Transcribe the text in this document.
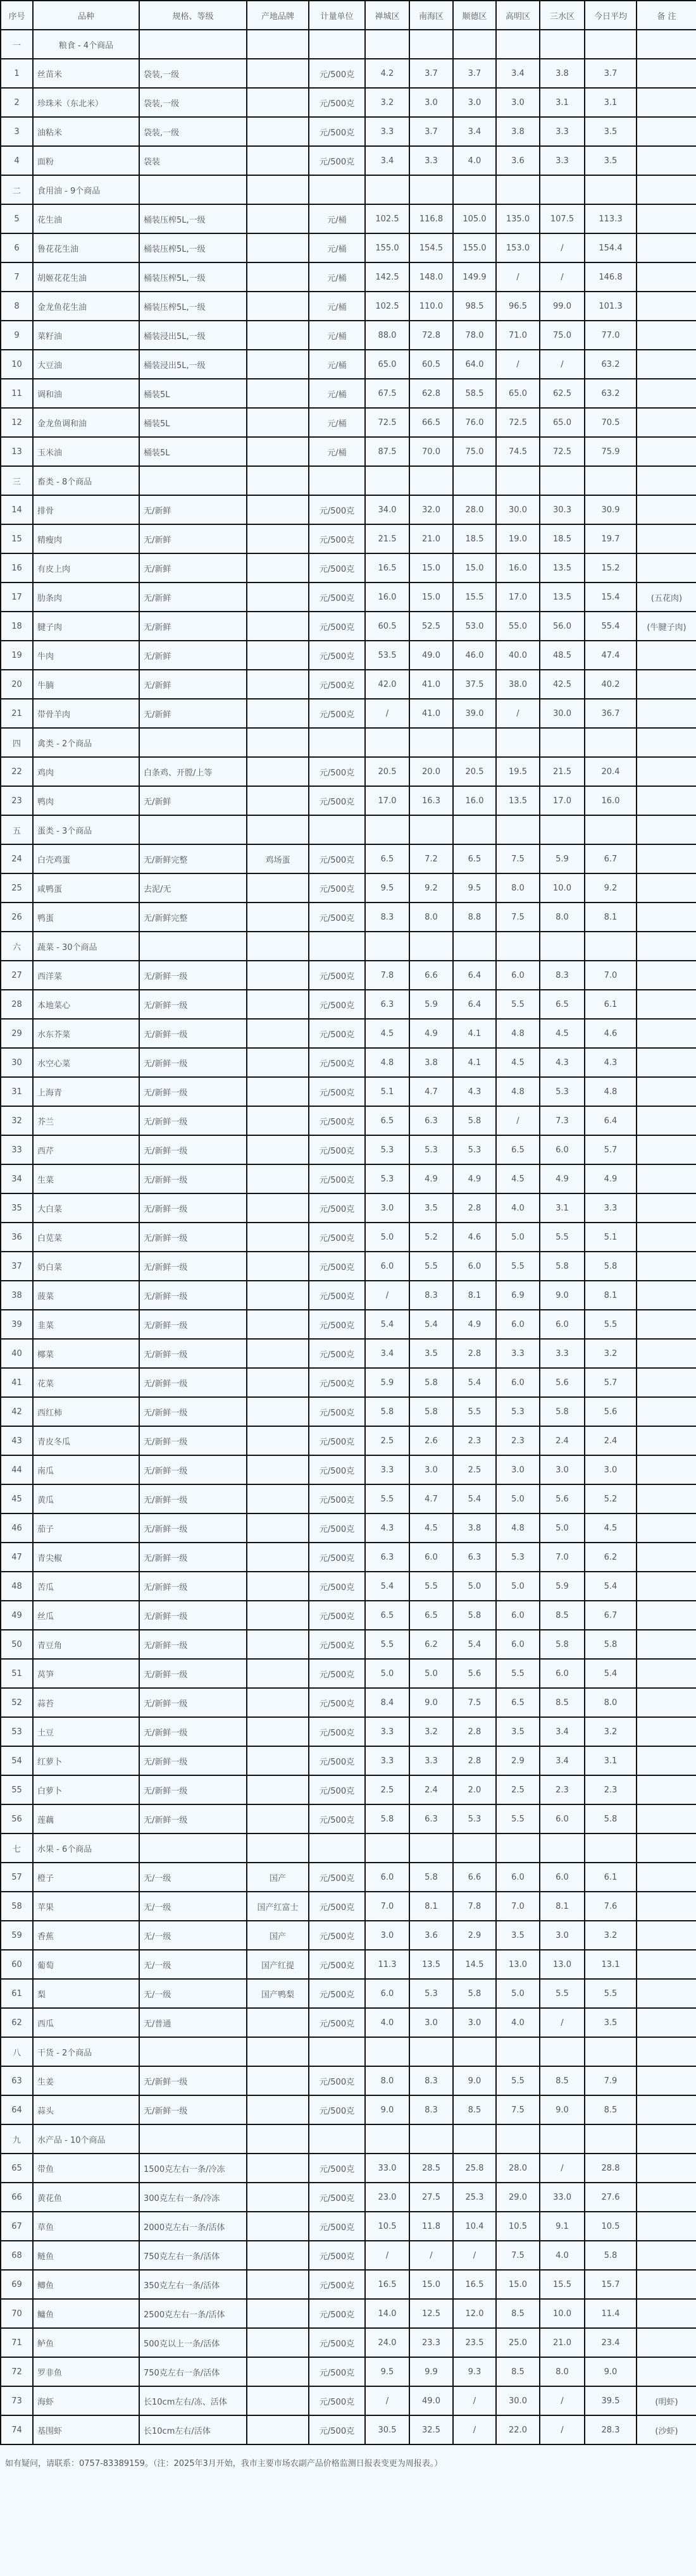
序号	品种	规格、等级	产地品牌	计量单位	禅城区	南海区	顺德区	高明区	三水区	今日平均	备 注
一	粮食 - 4个商品										
1	丝苗米	袋装,一级		元/500克	4.2	3.7	3.7	3.4	3.8	3.7	
2	珍珠米（东北米）	袋装,一级		元/500克	3.2	3.0	3.0	3.0	3.1	3.1	
3	油粘米	袋装,一级		元/500克	3.3	3.7	3.4	3.8	3.3	3.5	
4	面粉	袋装		元/500克	3.4	3.3	4.0	3.6	3.3	3.5	
二	食用油 - 9个商品										
5	花生油	桶装压榨5L,一级		元/桶	102.5	116.8	105.0	135.0	107.5	113.3	
6	鲁花花生油	桶装压榨5L,一级		元/桶	155.0	154.5	155.0	153.0	/	154.4	
7	胡姬花花生油	桶装压榨5L,一级		元/桶	142.5	148.0	149.9	/	/	146.8	
8	金龙鱼花生油	桶装压榨5L,一级		元/桶	102.5	110.0	98.5	96.5	99.0	101.3	
9	菜籽油	桶装浸出5L,一级		元/桶	88.0	72.8	78.0	71.0	75.0	77.0	
10	大豆油	桶装浸出5L,一级		元/桶	65.0	60.5	64.0	/	/	63.2	
11	调和油	桶装5L		元/桶	67.5	62.8	58.5	65.0	62.5	63.2	
12	金龙鱼调和油	桶装5L		元/桶	72.5	66.5	76.0	72.5	65.0	70.5	
13	玉米油	桶装5L		元/桶	87.5	70.0	75.0	74.5	72.5	75.9	
三	畜类 - 8个商品										
14	排骨	无/新鲜		元/500克	34.0	32.0	28.0	30.0	30.3	30.9	
15	精瘦肉	无/新鲜		元/500克	21.5	21.0	18.5	19.0	18.5	19.7	
16	有皮上肉	无/新鲜		元/500克	16.5	15.0	15.0	16.0	13.5	15.2	
17	肋条肉	无/新鲜		元/500克	16.0	15.0	15.5	17.0	13.5	15.4	(五花肉)
18	腱子肉	无/新鲜		元/500克	60.5	52.5	53.0	55.0	56.0	55.4	(牛腱子肉)
19	牛肉	无/新鲜		元/500克	53.5	49.0	46.0	40.0	48.5	47.4	
20	牛腩	无/新鲜		元/500克	42.0	41.0	37.5	38.0	42.5	40.2	
21	带骨羊肉	无/新鲜		元/500克	/	41.0	39.0	/	30.0	36.7	
四	禽类 - 2个商品										
22	鸡肉	白条鸡、开膛/上等		元/500克	20.5	20.0	20.5	19.5	21.5	20.4	
23	鸭肉	无/新鲜		元/500克	17.0	16.3	16.0	13.5	17.0	16.0	
五	蛋类 - 3个商品										
24	白壳鸡蛋	无/新鲜完整	鸡场蛋	元/500克	6.5	7.2	6.5	7.5	5.9	6.7	
25	咸鸭蛋	去泥/无		元/500克	9.5	9.2	9.5	8.0	10.0	9.2	
26	鸭蛋	无/新鲜完整		元/500克	8.3	8.0	8.8	7.5	8.0	8.1	
六	蔬菜 - 30个商品										
27	西洋菜	无/新鲜一级		元/500克	7.8	6.6	6.4	6.0	8.3	7.0	
28	本地菜心	无/新鲜一级		元/500克	6.3	5.9	6.4	5.5	6.5	6.1	
29	水东芥菜	无/新鲜一级		元/500克	4.5	4.9	4.1	4.8	4.5	4.6	
30	水空心菜	无/新鲜一级		元/500克	4.8	3.8	4.1	4.5	4.3	4.3	
31	上海青	无/新鲜一级		元/500克	5.1	4.7	4.3	4.8	5.3	4.8	
32	芥兰	无/新鲜一级		元/500克	6.5	6.3	5.8	/	7.3	6.4	
33	西芹	无/新鲜一级		元/500克	5.3	5.3	5.3	6.5	6.0	5.7	
34	生菜	无/新鲜一级		元/500克	5.3	4.9	4.9	4.5	4.9	4.9	
35	大白菜	无/新鲜一级		元/500克	3.0	3.5	2.8	4.0	3.1	3.3	
36	白苋菜	无/新鲜一级		元/500克	5.0	5.2	4.6	5.0	5.5	5.1	
37	奶白菜	无/新鲜一级		元/500克	6.0	5.5	6.0	5.5	5.8	5.8	
38	菠菜	无/新鲜一级		元/500克	/	8.3	8.1	6.9	9.0	8.1	
39	韭菜	无/新鲜一级		元/500克	5.4	5.4	4.9	6.0	6.0	5.5	
40	椰菜	无/新鲜一级		元/500克	3.4	3.5	2.8	3.3	3.3	3.2	
41	花菜	无/新鲜一级		元/500克	5.9	5.8	5.4	6.0	5.6	5.7	
42	西红柿	无/新鲜一级		元/500克	5.8	5.8	5.5	5.3	5.8	5.6	
43	青皮冬瓜	无/新鲜一级		元/500克	2.5	2.6	2.3	2.3	2.4	2.4	
44	南瓜	无/新鲜一级		元/500克	3.3	3.0	2.5	3.0	3.0	3.0	
45	黄瓜	无/新鲜一级		元/500克	5.5	4.7	5.4	5.0	5.6	5.2	
46	茄子	无/新鲜一级		元/500克	4.3	4.5	3.8	4.8	5.0	4.5	
47	青尖椒	无/新鲜一级		元/500克	6.3	6.0	6.3	5.3	7.0	6.2	
48	苦瓜	无/新鲜一级		元/500克	5.4	5.5	5.0	5.0	5.9	5.4	
49	丝瓜	无/新鲜一级		元/500克	6.5	6.5	5.8	6.0	8.5	6.7	
50	青豆角	无/新鲜一级		元/500克	5.5	6.2	5.4	6.0	5.8	5.8	
51	莴笋	无/新鲜一级		元/500克	5.0	5.0	5.6	5.5	6.0	5.4	
52	蒜苔	无/新鲜一级		元/500克	8.4	9.0	7.5	6.5	8.5	8.0	
53	土豆	无/新鲜一级		元/500克	3.3	3.2	2.8	3.5	3.4	3.2	
54	红萝卜	无/新鲜一级		元/500克	3.3	3.3	2.8	2.9	3.4	3.1	
55	白萝卜	无/新鲜一级		元/500克	2.5	2.4	2.0	2.5	2.3	2.3	
56	莲藕	无/新鲜一级		元/500克	5.8	6.3	5.3	5.5	6.0	5.8	
七	水果 - 6个商品										
57	橙子	无/一级	国产	元/500克	6.0	5.8	6.6	6.0	6.0	6.1	
58	苹果	无/一级	国产红富士	元/500克	7.0	8.1	7.8	7.0	8.1	7.6	
59	香蕉	无/一级	国产	元/500克	3.0	3.6	2.9	3.5	3.0	3.2	
60	葡萄	无/一级	国产红提	元/500克	11.3	13.5	14.5	13.0	13.0	13.1	
61	梨	无/一级	国产鸭梨	元/500克	6.0	5.3	5.8	5.0	5.5	5.5	
62	西瓜	无/普通		元/500克	4.0	3.0	3.0	4.0	/	3.5	
八	干货 - 2个商品										
63	生姜	无/新鲜一级		元/500克	8.0	8.3	9.0	5.5	8.5	7.9	
64	蒜头	无/新鲜一级		元/500克	9.0	8.3	8.5	7.5	9.0	8.5	
九	水产品 - 10个商品										
65	带鱼	1500克左右一条/冷冻		元/500克	33.0	28.5	25.8	28.0	/	28.8	
66	黄花鱼	300克左右一条/冷冻		元/500克	23.0	27.5	25.3	29.0	33.0	27.6	
67	草鱼	2000克左右一条/活体		元/500克	10.5	11.8	10.4	10.5	9.1	10.5	
68	鲢鱼	750克左右一条/活体		元/500克	/	/	/	7.5	4.0	5.8	
69	鲫鱼	350克左右一条/活体		元/500克	16.5	15.0	16.5	15.0	15.5	15.7	
70	鳙鱼	2500克左右一条/活体		元/500克	14.0	12.5	12.0	8.5	10.0	11.4	
71	鲈鱼	500克以上一条/活体		元/500克	24.0	23.3	23.5	25.0	21.0	23.4	
72	罗非鱼	750克左右一条/活体		元/500克	9.5	9.9	9.3	8.5	8.0	9.0	
73	海虾	长10cm左右/冻、活体		元/500克	/	49.0	/	30.0	/	39.5	(明虾)
74	基围虾	长10cm左右/活体		元/500克	30.5	32.5	/	22.0	/	28.3	(沙虾)
如有疑问，请联系：0757-83389159。（注：2025年3月开始，我市主要市场农副产品价格监测日报表变更为周报表。）
